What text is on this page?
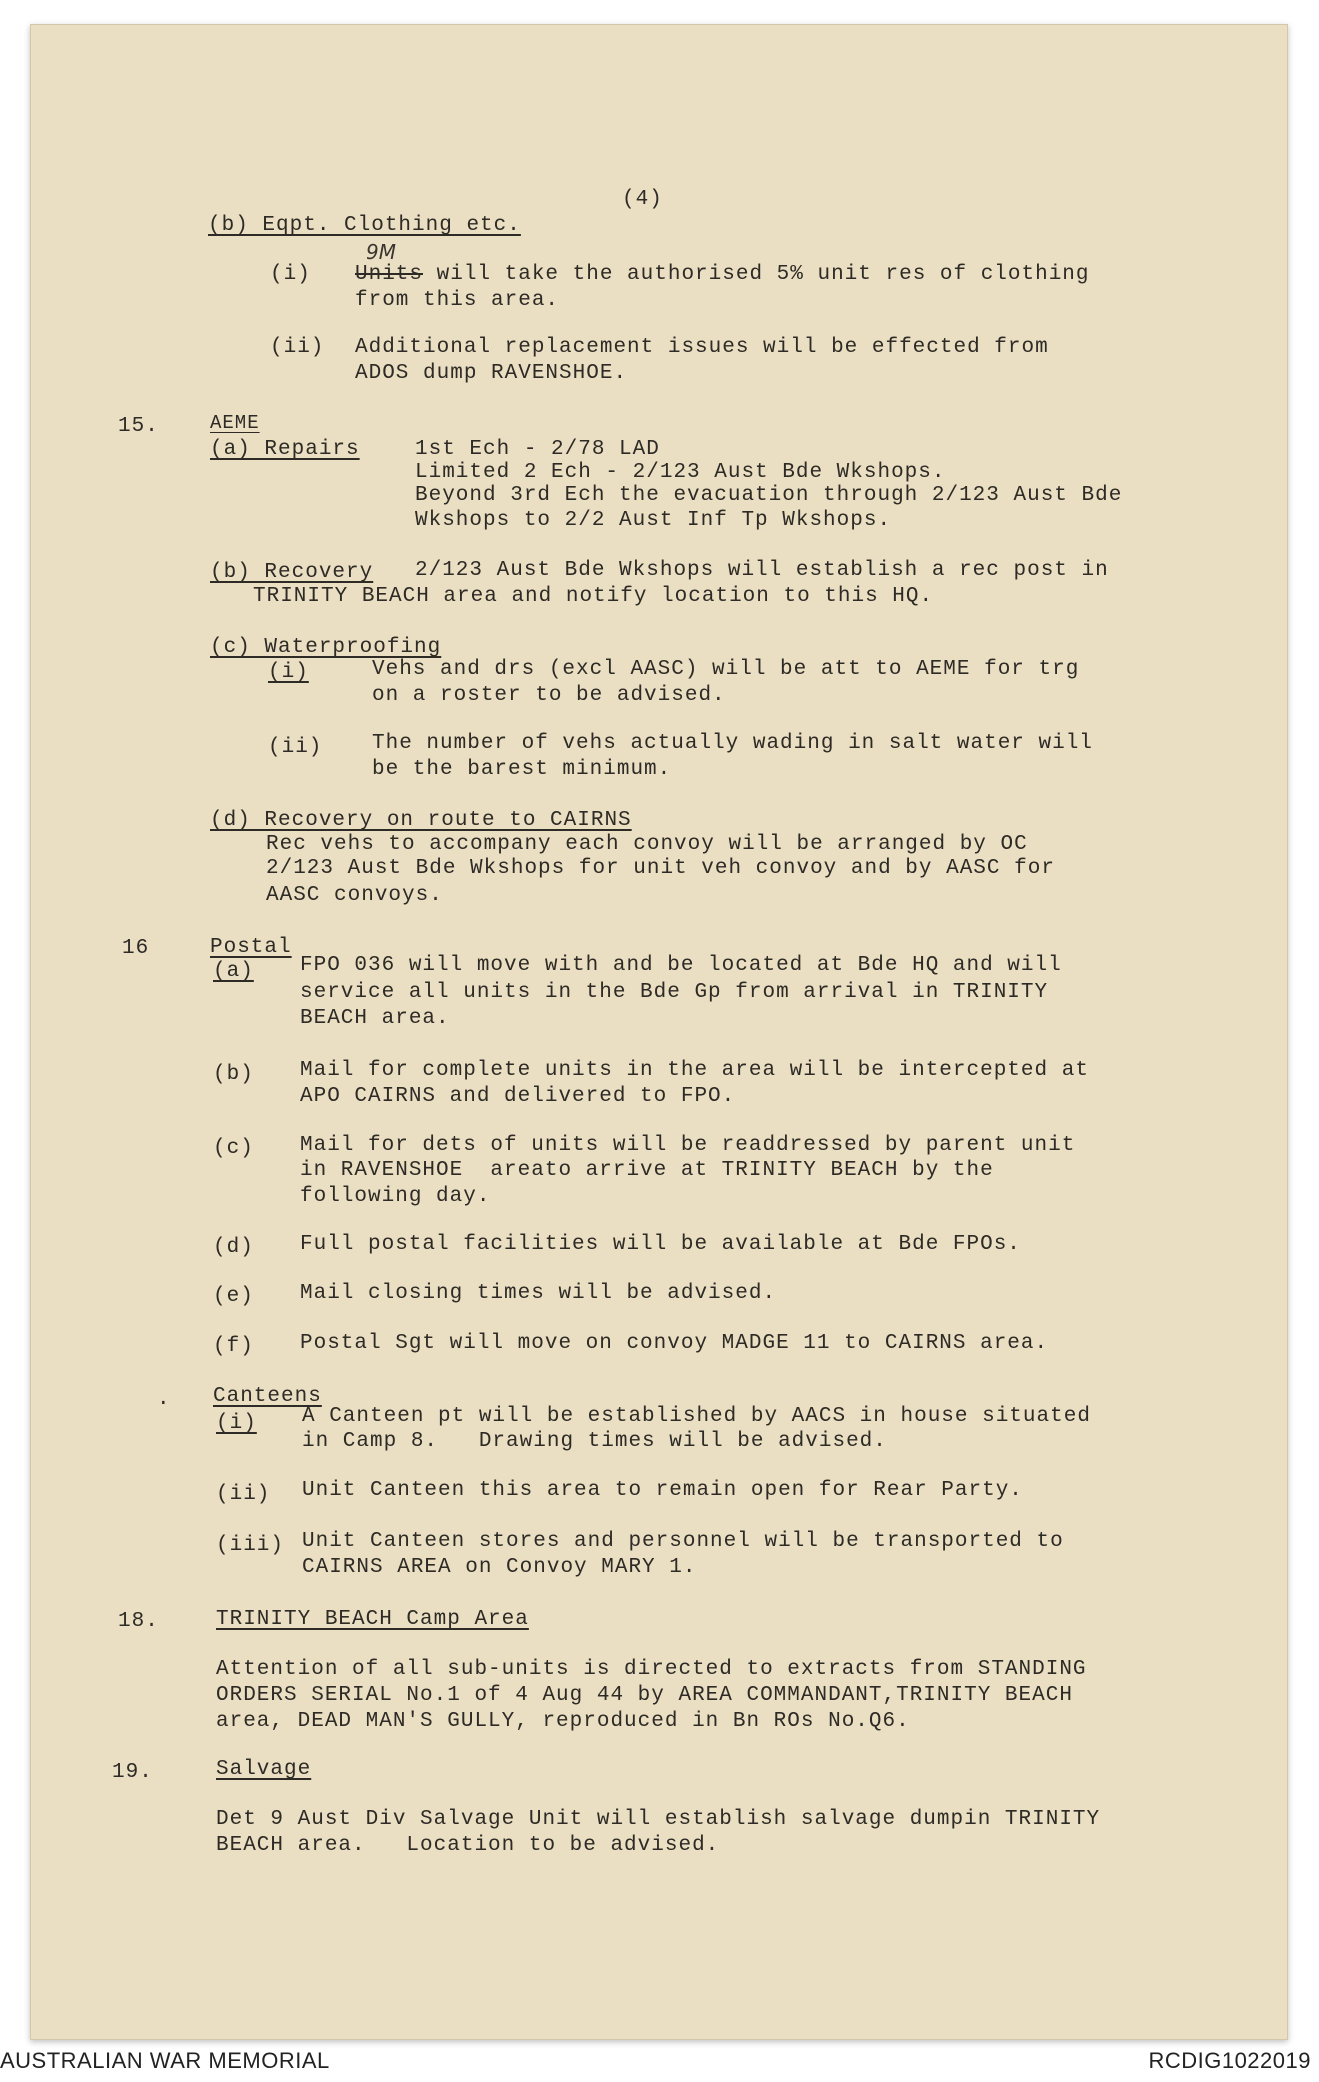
(4)
(b) Eqpt. Clothing etc.
9M
(i) Units will take the authorised 5% unit res of clothing
from this area.
(ii) Additional replacement issues will be effected from
ADOS dump RAVENSHOE.
15.	AEME
(a) Repairs	1st Ech - 2/78 LAD
Limited 2 Ech - 2/123 Aust Bde Wkshops.
Beyond 3rd Ech the evacuation through 2/123 Aust Bde
Wkshops to 2/2 Aust Inf Tp Wkshops.
(b) Recovery 2/123 Aust Bde Wkshops will establish a rec post in
TRINITY BEACH area and notify location to this HQ.
(c) Waterproofing
(i)	Vehs and drs (excl AASC) will be att to AEME for trg
on a roster to be advised.
(ii) The number of vehs actually wading in salt water will
be the barest minimum.
(d) Recovery on route to CAIRNS
Rec vehs to accompany each convoy will be arranged by OC
2/123 Aust Bde Wkshops for unit veh convoy and by AASC for
AASC convoys.
16	Postal
(a) FPO 036 will move with and be located at Bde HQ and will
service all units in the Bde Gp from arrival in TRINITY
BEACH area.
(b) Mail for complete units in the area will be intercepted at
APO CAIRNS and delivered to FPO.
(c) Mail for dets of units will be readdressed by parent unit
in RAVENSHOE  areato arrive at TRINITY BEACH by the
following day.
(d) Full postal facilities will be available at Bde FPOs.
(e) Mail closing times will be advised.
(f) Postal Sgt will move on convoy MADGE 11 to CAIRNS area.
. Canteens
(i) A Canteen pt will be established by AACS in house situated
in Camp 8.   Drawing times will be advised.
(ii) Unit Canteen this area to remain open for Rear Party.
(iii) Unit Canteen stores and personnel will be transported to
CAIRNS AREA on Convoy MARY 1.
18.	TRINITY BEACH Camp Area
Attention of all sub-units is directed to extracts from STANDING
ORDERS SERIAL No.1 of 4 Aug 44 by AREA COMMANDANT,TRINITY BEACH
area, DEAD MAN'S GULLY, reproduced in Bn ROs No.Q6.
19.	Salvage
Det 9 Aust Div Salvage Unit will establish salvage dumpin TRINITY
BEACH area.   Location to be advised.
AUSTRALIAN WAR MEMORIAL	RCDIG1022019
